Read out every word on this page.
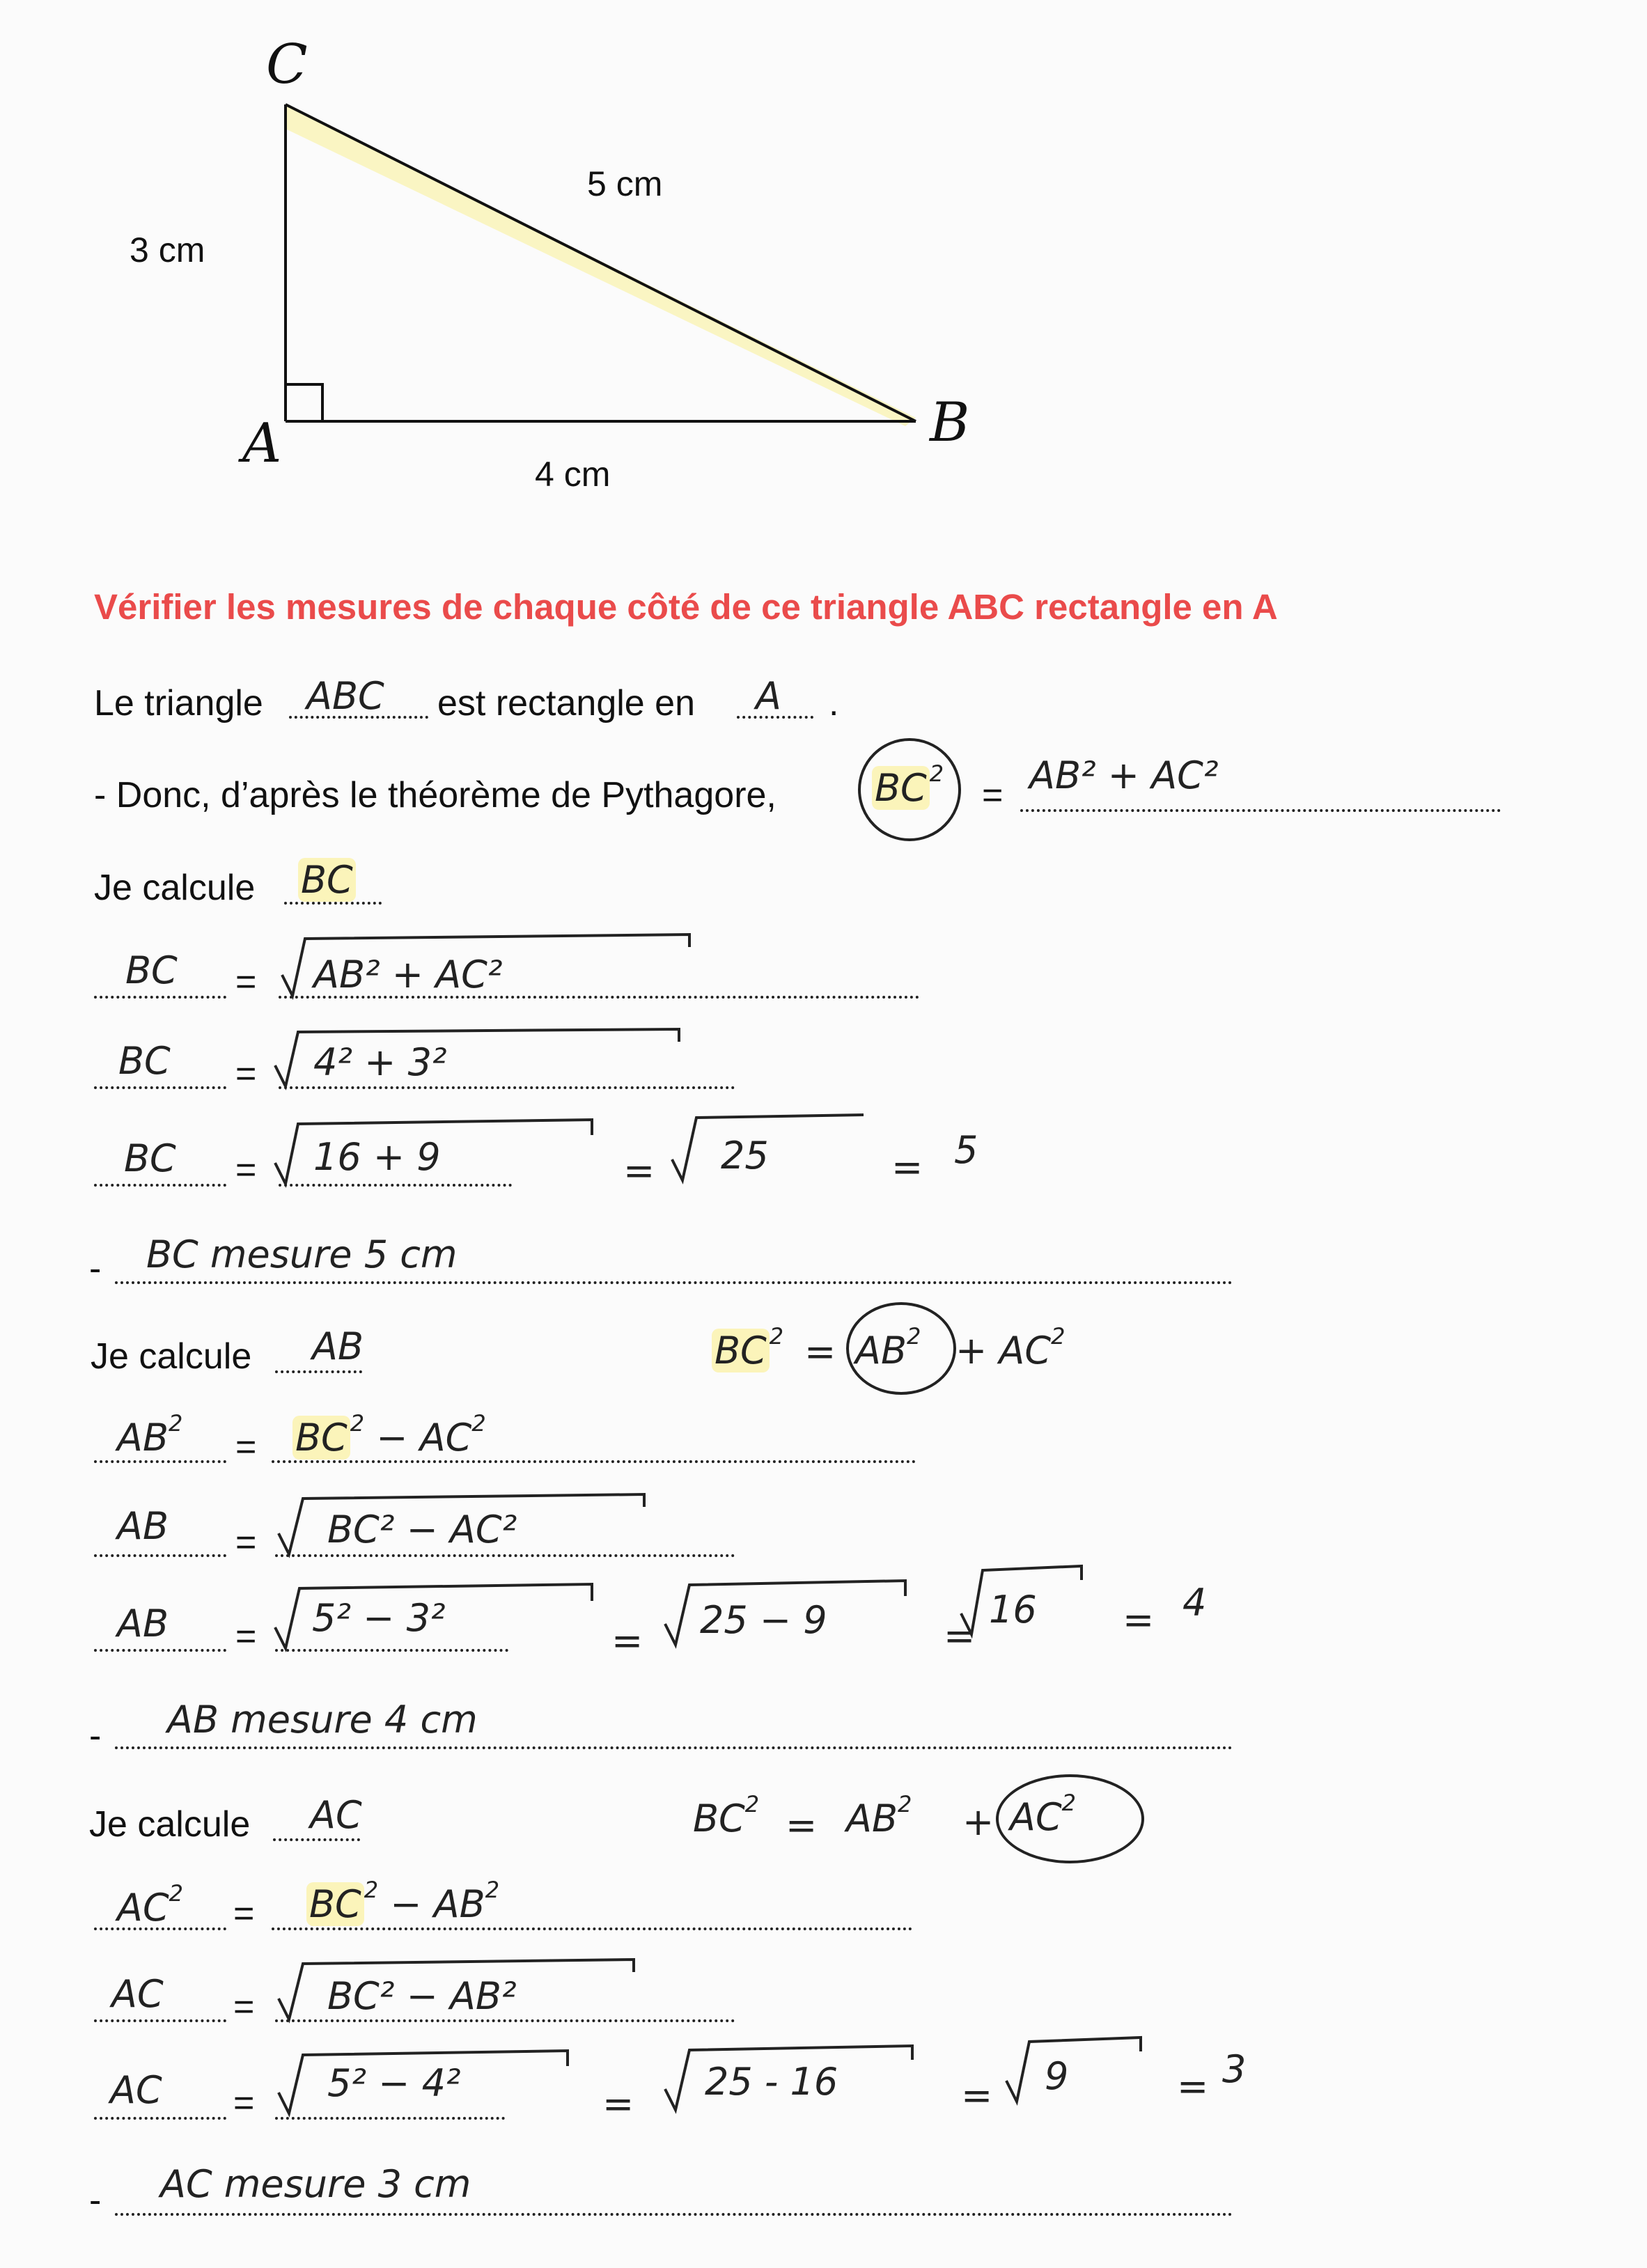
C
A	B
3 cm
5 cm
4 cm
Vérifier les mesures de chaque côté de ce triangle ABC rectangle en A
Le triangle ABC est rectangle en A .
- Donc, d’après le théorème de Pythagore,	BC $^2$
= AB² + AC²
Je calcule BC
BC = AB² + AC²
BC = 4² + 3²
BC = 16 + 9	= 25	= 5
- BC mesure 5 cm
Je calcule AB	BC $^2 = AB^2 + AC^2$
$AB^2$
= BC $^2 - AC^2$
AB = BC² − AC²
AB = 5² − 3²
= 25 − 9	=
16 = 4
- AB mesure 4 cm
Je calcule AC	$BC^2 = AB^2 + AC^2$
$AC^2$ = BC $^2 - AB^2$
AC = BC² − AB²
AC = 5² − 4²	=
25 - 16	= 9	= 3
- AC mesure 3 cm
